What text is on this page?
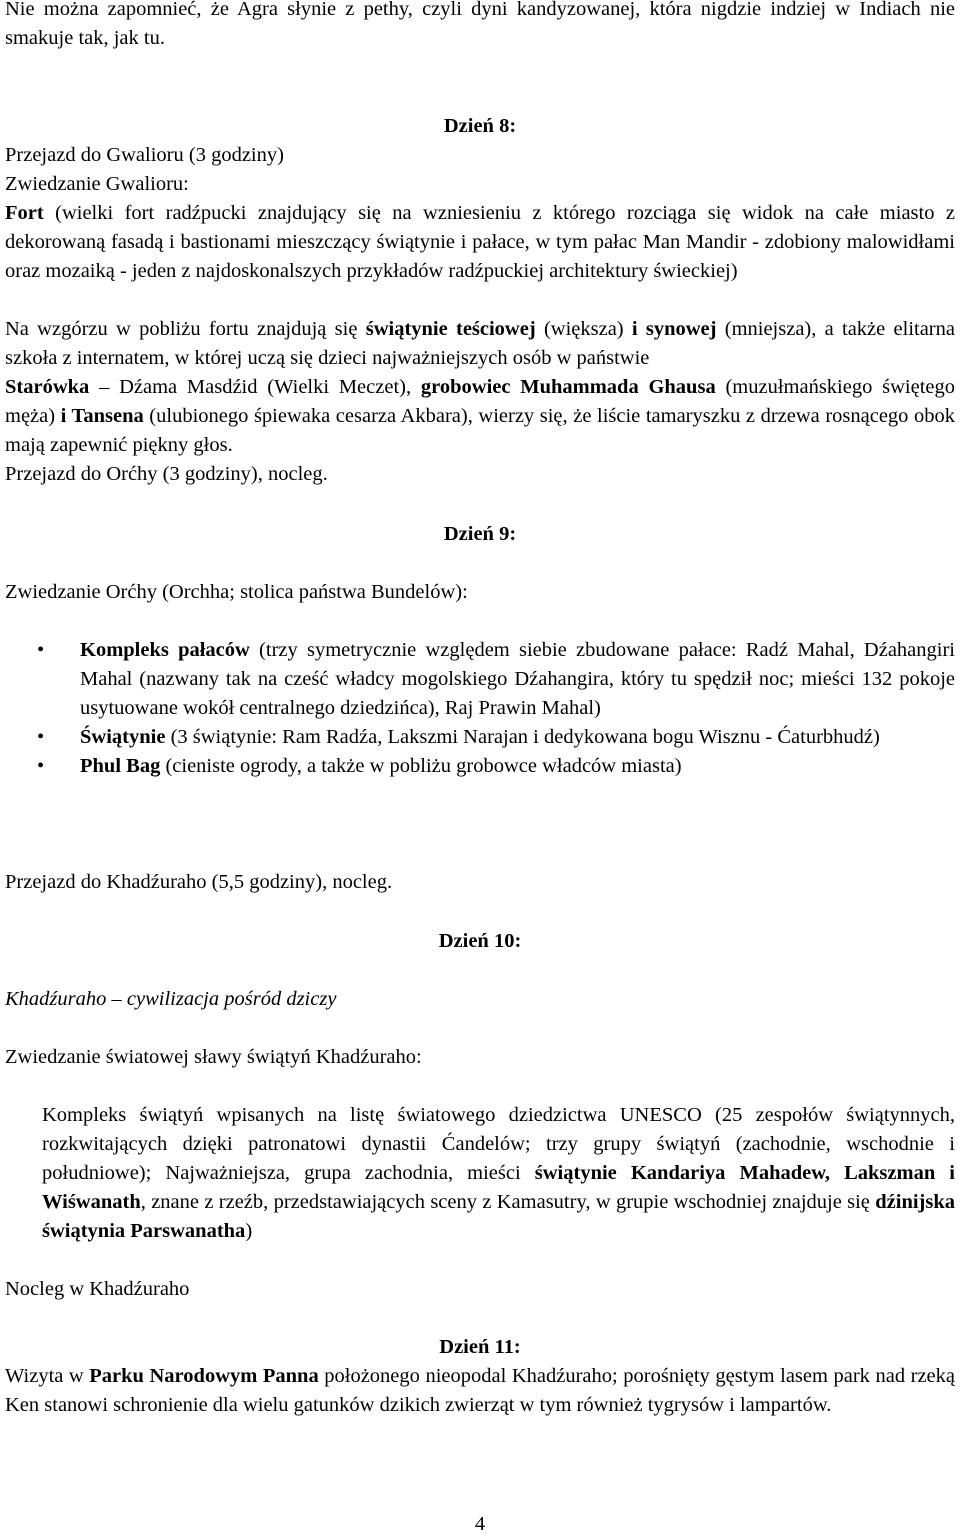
Nie można zapomnieć, że Agra słynie z pethy, czyli dyni kandyzowanej, która nigdzie indziej w Indiach nie smakuje tak, jak tu.

Dzień 8:

Przejazd do Gwalioru (3 godziny)

Zwiedzanie Gwalioru:

Fort (wielki fort radźpucki znajdujący się na wzniesieniu z którego rozciąga się widok na całe miasto z dekorowaną fasadą i bastionami mieszczący świątynie i pałace, w tym pałac Man Mandir - zdobiony malowidłami oraz mozaiką - jeden z najdoskonalszych przykładów radźpuckiej architektury świeckiej)

Na wzgórzu w pobliżu fortu znajdują się świątynie teściowej (większa) i synowej (mniejsza), a także elitarna szkoła z internatem, w której uczą się dzieci najważniejszych osób w państwie

Starówka – Dźama Masdźid (Wielki Meczet), grobowiec Muhammada Ghausa (muzułmańskiego świętego męża) i Tansena (ulubionego śpiewaka cesarza Akbara), wierzy się, że liście tamaryszku z drzewa rosnącego obok mają zapewnić piękny głos.

Przejazd do Orćhy (3 godziny), nocleg.

Dzień 9:

Zwiedzanie Orćhy (Orchha; stolica państwa Bundelów):

• Kompleks pałaców (trzy symetrycznie względem siebie zbudowane pałace: Radź Mahal, Dźahangiri Mahal (nazwany tak na cześć władcy mogolskiego Dźahangira, który tu spędził noc; mieści 132 pokoje usytuowane wokół centralnego dziedzińca), Raj Prawin Mahal)
• Świątynie (3 świątynie: Ram Radźa, Lakszmi Narajan i dedykowana bogu Wisznu - Ćaturbhudź)
• Phul Bag (cieniste ogrody, a także w pobliżu grobowce władców miasta)

Przejazd do Khadźuraho (5,5 godziny), nocleg.

Dzień 10:

Khadźuraho – cywilizacja pośród dziczy

Zwiedzanie światowej sławy świątyń Khadźuraho:

Kompleks świątyń wpisanych na listę światowego dziedzictwa UNESCO (25 zespołów świątynnych, rozkwitających dzięki patronatowi dynastii Ćandelów; trzy grupy świątyń (zachodnie, wschodnie i południowe); Najważniejsza, grupa zachodnia, mieści świątynie Kandariya Mahadew, Lakszman i Wiśwanath, znane z rzeźb, przedstawiających sceny z Kamasutry, w grupie wschodniej znajduje się dźinijska świątynia Parswanatha)

Nocleg w Khadźuraho

Dzień 11:

Wizyta w Parku Narodowym Panna położonego nieopodal Khadźuraho; porośnięty gęstym lasem park nad rzeką Ken stanowi schronienie dla wielu gatunków dzikich zwierząt w tym również tygrysów i lampartów.

4
